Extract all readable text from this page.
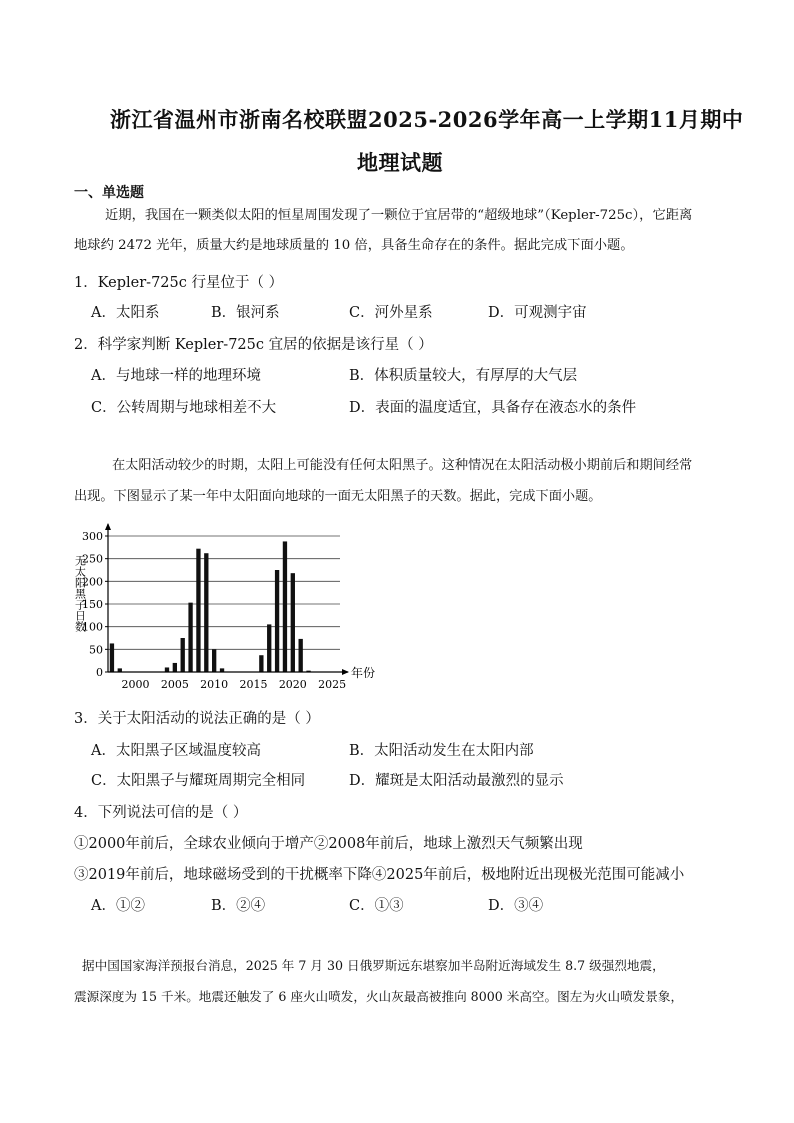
浙江省温州市浙南名校联盟2025-2026学年高一上学期11月期中
地理试题
一、单选题
近期，我国在一颗类似太阳的恒星周围发现了一颗位于宜居带的“超级地球”（Kepler-725c），它距离
地球约 2472 光年，质量大约是地球质量的 10 倍，具备生命存在的条件。据此完成下面小题。
1．Kepler-725c 行星位于（ ）
A．太阳系	B．银河系	C．河外星系	D．可观测宇宙
2．科学家判断 Kepler-725c 宜居的依据是该行星（ ）
A．与地球一样的地理环境	B．体积质量较大，有厚厚的大气层
C．公转周期与地球相差不大	D．表面的温度适宜，具备存在液态水的条件
在太阳活动较少的时期，太阳上可能没有任何太阳黑子。这种情况在太阳活动极小期前后和期间经常
出现。下图显示了某一年中太阳面向地球的一面无太阳黑子的天数。据此，完成下面小题。
0
50
100
150
200
250
300
2000 2005 2010 2015 2020 2025
无太阳黑子日数
年份
3．关于太阳活动的说法正确的是（ ）
A．太阳黑子区域温度较高	B．太阳活动发生在太阳内部
C．太阳黑子与耀斑周期完全相同	D．耀斑是太阳活动最激烈的显示
4．下列说法可信的是（ ）
①2000年前后，全球农业倾向于增产②2008年前后，地球上激烈天气频繁出现
③2019年前后，地球磁场受到的干扰概率下降④2025年前后，极地附近出现极光范围可能减小
A．①②	B．②④	C．①③	D．③④
据中国国家海洋预报台消息，2025 年 7 月 30 日俄罗斯远东堪察加半岛附近海域发生 8.7 级强烈地震，
震源深度为 15 千米。地震还触发了 6 座火山喷发，火山灰最高被推向 8000 米高空。图左为火山喷发景象，
